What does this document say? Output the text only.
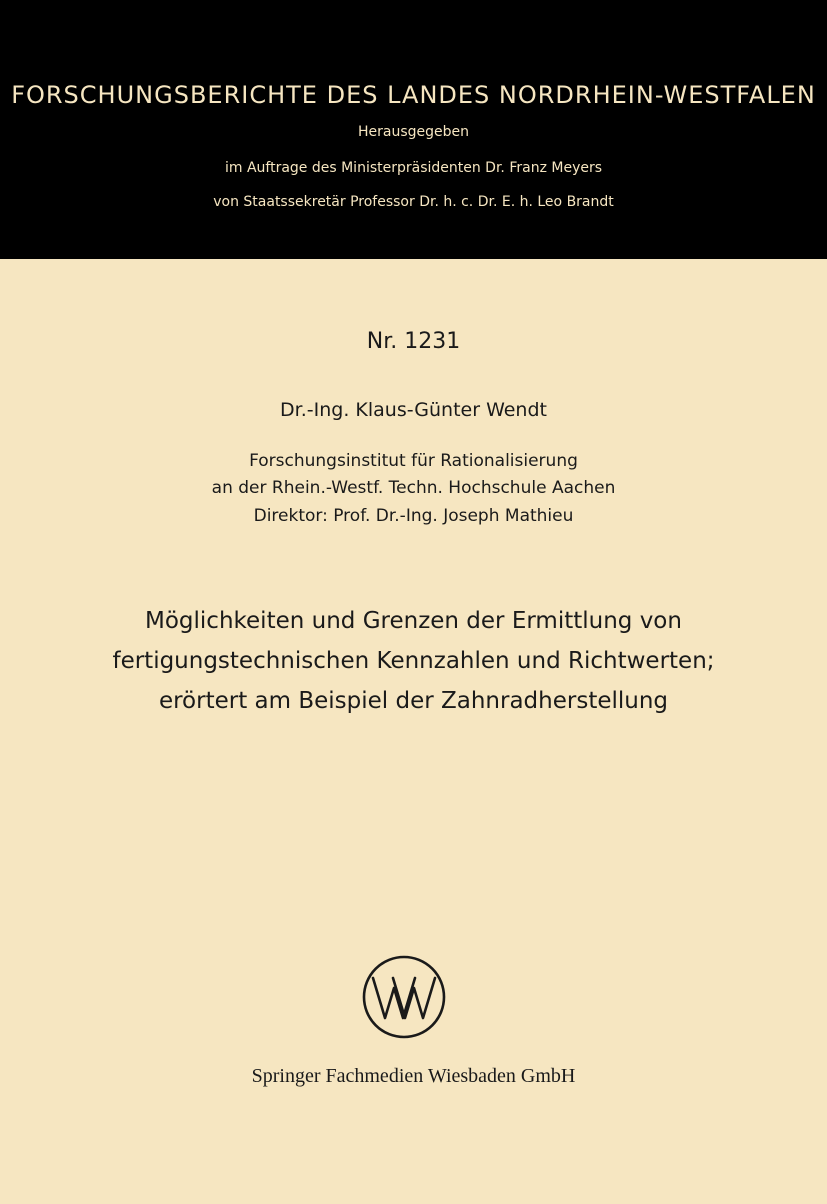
FORSCHUNGSBERICHTE DES LANDES NORDRHEIN-WESTFALEN
Herausgegeben
im Auftrage des Ministerpräsidenten Dr. Franz Meyers
von Staatssekretär Professor Dr. h. c. Dr. E. h. Leo Brandt
Nr. 1231
Dr.-Ing. Klaus-Günter Wendt
Forschungsinstitut für Rationalisierung
an der Rhein.-Westf. Techn. Hochschule Aachen
Direktor: Prof. Dr.-Ing. Joseph Mathieu
Möglichkeiten und Grenzen der Ermittlung von
fertigungstechnischen Kennzahlen und Richtwerten;
erörtert am Beispiel der Zahnradherstellung
Springer Fachmedien Wiesbaden GmbH
